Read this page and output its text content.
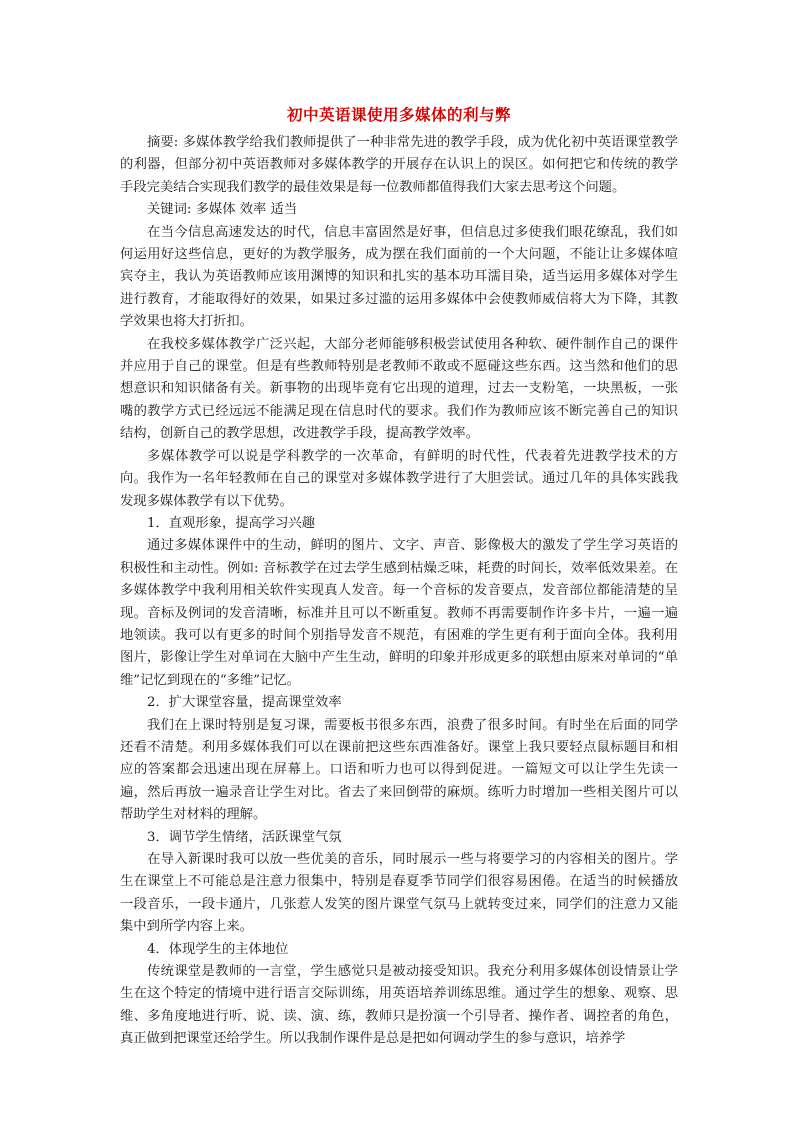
初中英语课使用多媒体的利与弊

摘要: 多媒体教学给我们教师提供了一种非常先进的教学手段，成为优化初中英语课堂教学的利器，但部分初中英语教师对多媒体教学的开展存在认识上的误区。如何把它和传统的教学手段完美结合实现我们教学的最佳效果是每一位教师都值得我们大家去思考这个问题。

关键词: 多媒体 效率 适当

在当今信息高速发达的时代，信息丰富固然是好事，但信息过多使我们眼花缭乱，我们如何运用好这些信息，更好的为教学服务，成为摆在我们面前的一个大问题，不能让让多媒体喧宾夺主，我认为英语教师应该用渊博的知识和扎实的基本功耳濡目染，适当运用多媒体对学生进行教育，才能取得好的效果，如果过多过滥的运用多媒体中会使教师威信将大为下降，其教学效果也将大打折扣。

在我校多媒体教学广泛兴起，大部分老师能够积极尝试使用各种软、硬件制作自己的课件并应用于自己的课堂。但是有些教师特别是老教师不敢或不愿碰这些东西。这当然和他们的思想意识和知识储备有关。新事物的出现毕竟有它出现的道理，过去一支粉笔，一块黑板，一张嘴的教学方式已经远远不能满足现在信息时代的要求。我们作为教师应该不断完善自己的知识结构，创新自己的教学思想，改进教学手段，提高教学效率。

多媒体教学可以说是学科教学的一次革命，有鲜明的时代性，代表着先进教学技术的方向。我作为一名年轻教师在自己的课堂对多媒体教学进行了大胆尝试。通过几年的具体实践我发现多媒体教学有以下优势。

1．直观形象，提高学习兴趣

通过多媒体课件中的生动，鲜明的图片、文字、声音、影像极大的激发了学生学习英语的积极性和主动性。例如: 音标教学在过去学生感到枯燥乏味，耗费的时间长，效率低效果差。在多媒体教学中我利用相关软件实现真人发音。每一个音标的发音要点，发音部位都能清楚的呈现。音标及例词的发音清晰，标准并且可以不断重复。教师不再需要制作许多卡片，一遍一遍地领读。我可以有更多的时间个别指导发音不规范，有困难的学生更有利于面向全体。我利用图片，影像让学生对单词在大脑中产生生动，鲜明的印象并形成更多的联想由原来对单词的“单维”记忆到现在的“多维”记忆。

2．扩大课堂容量，提高课堂效率

我们在上课时特别是复习课，需要板书很多东西，浪费了很多时间。有时坐在后面的同学还看不清楚。利用多媒体我们可以在课前把这些东西准备好。课堂上我只要轻点鼠标题目和相应的答案都会迅速出现在屏幕上。口语和听力也可以得到促进。一篇短文可以让学生先读一遍，然后再放一遍录音让学生对比。省去了来回倒带的麻烦。练听力时增加一些相关图片可以帮助学生对材料的理解。

3．调节学生情绪，活跃课堂气氛

在导入新课时我可以放一些优美的音乐，同时展示一些与将要学习的内容相关的图片。学生在课堂上不可能总是注意力很集中，特别是春夏季节同学们很容易困倦。在适当的时候播放一段音乐，一段卡通片，几张惹人发笑的图片课堂气氛马上就转变过来，同学们的注意力又能集中到所学内容上来。

4．体现学生的主体地位

传统课堂是教师的一言堂，学生感觉只是被动接受知识。我充分利用多媒体创设情景让学生在这个特定的情境中进行语言交际训练，用英语培养训练思维。通过学生的想象、观察、思维、多角度地进行听、说、读、演、练，教师只是扮演一个引导者、操作者、调控者的角色，真正做到把课堂还给学生。所以我制作课件是总是把如何调动学生的参与意识，培养学
